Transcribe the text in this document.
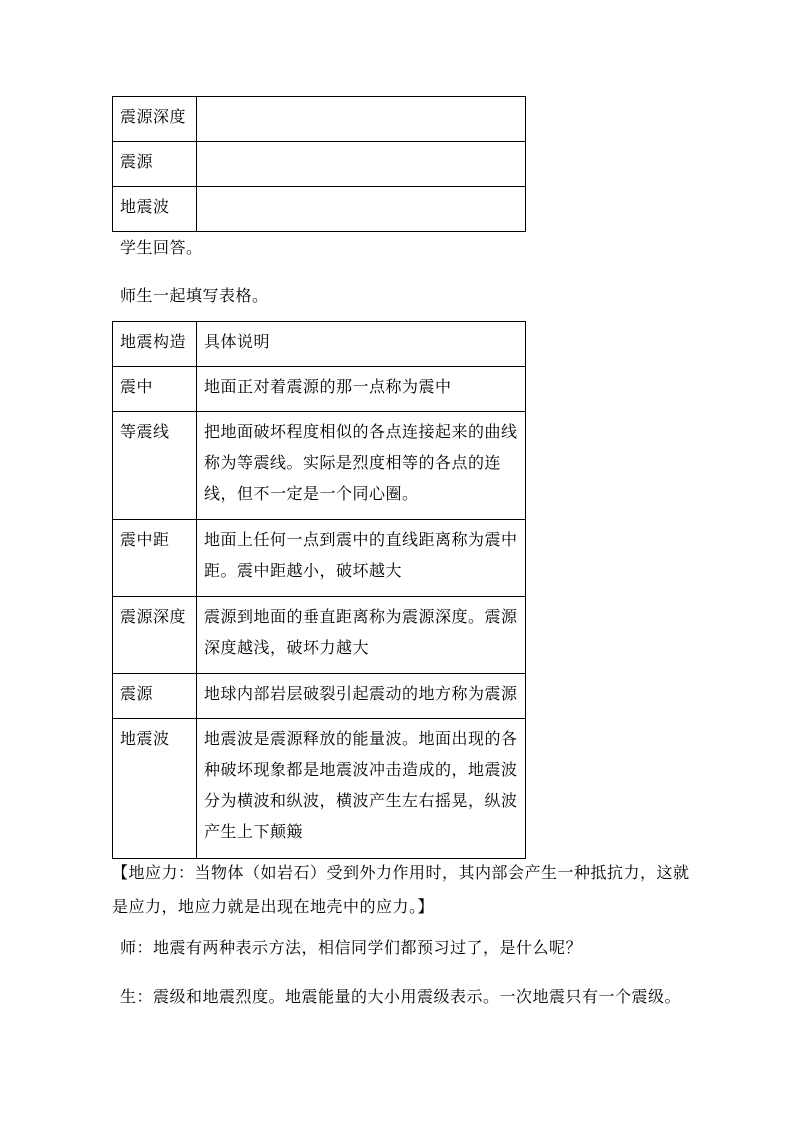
震源深度	
震源	
地震波	

学生回答。

师生一起填写表格。

地震构造	具体说明
震中	地面正对着震源的那一点称为震中
等震线	把地面破坏程度相似的各点连接起来的曲线称为等震线。实际是烈度相等的各点的连线，但不一定是一个同心圈。
震中距	地面上任何一点到震中的直线距离称为震中距。震中距越小，破坏越大
震源深度	震源到地面的垂直距离称为震源深度。震源深度越浅，破坏力越大
震源	地球内部岩层破裂引起震动的地方称为震源
地震波	地震波是震源释放的能量波。地面出现的各种破坏现象都是地震波冲击造成的，地震波分为横波和纵波，横波产生左右摇晃，纵波产生上下颠簸

【地应力：当物体（如岩石）受到外力作用时，其内部会产生一种抵抗力，这就是应力，地应力就是出现在地壳中的应力。】

师：地震有两种表示方法，相信同学们都预习过了，是什么呢？

生：震级和地震烈度。地震能量的大小用震级表示。一次地震只有一个震级。
